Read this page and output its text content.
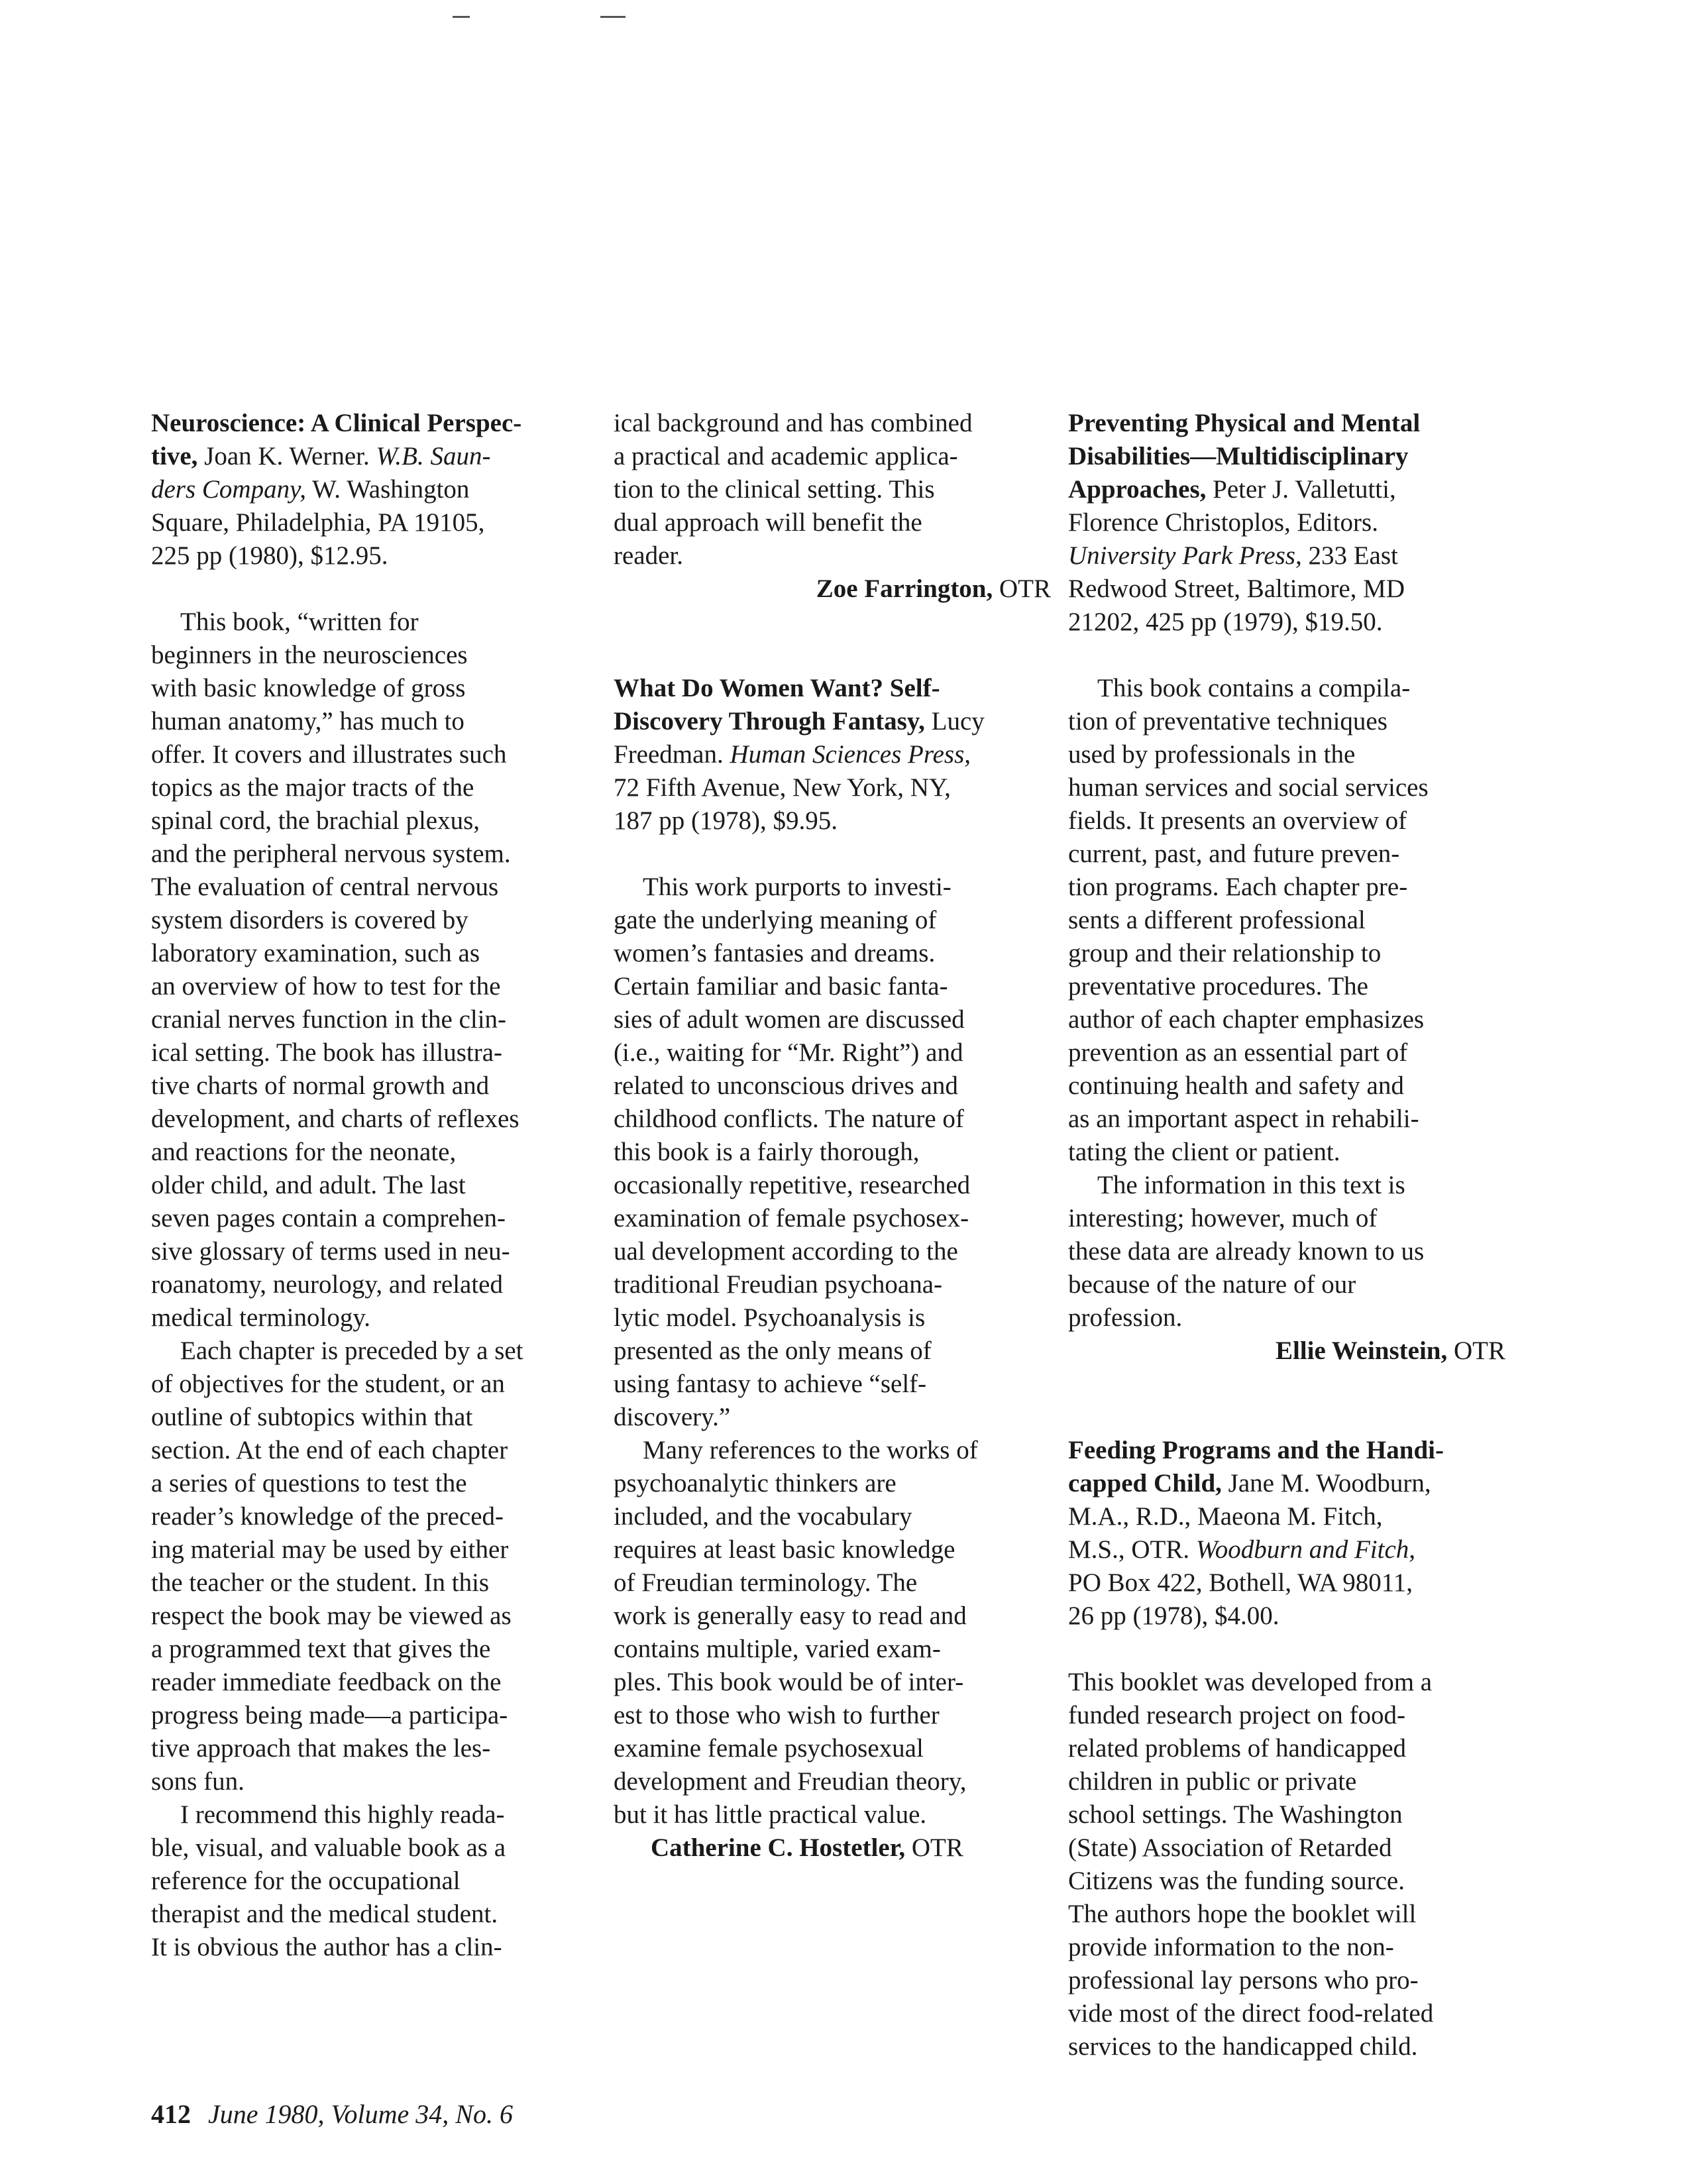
Neuroscience: A Clinical Perspec-
tive, Joan K. Werner. W.B. Saun-
ders Company, W. Washington
Square, Philadelphia, PA 19105,
225 pp (1980), $12.95.
This book, “written for
beginners in the neurosciences
with basic knowledge of gross
human anatomy,” has much to
offer. It covers and illustrates such
topics as the major tracts of the
spinal cord, the brachial plexus,
and the peripheral nervous system.
The evaluation of central nervous
system disorders is covered by
laboratory examination, such as
an overview of how to test for the
cranial nerves function in the clin-
ical setting. The book has illustra-
tive charts of normal growth and
development, and charts of reflexes
and reactions for the neonate,
older child, and adult. The last
seven pages contain a comprehen-
sive glossary of terms used in neu-
roanatomy, neurology, and related
medical terminology.
Each chapter is preceded by a set
of objectives for the student, or an
outline of subtopics within that
section. At the end of each chapter
a series of questions to test the
reader’s knowledge of the preced-
ing material may be used by either
the teacher or the student. In this
respect the book may be viewed as
a programmed text that gives the
reader immediate feedback on the
progress being made—a participa-
tive approach that makes the les-
sons fun.
I recommend this highly reada-
ble, visual, and valuable book as a
reference for the occupational
therapist and the medical student.
It is obvious the author has a clin-
ical background and has combined
a practical and academic applica-
tion to the clinical setting. This
dual approach will benefit the
reader.
Zoe Farrington, OTR
What Do Women Want? Self-
Discovery Through Fantasy, Lucy
Freedman. Human Sciences Press,
72 Fifth Avenue, New York, NY,
187 pp (1978), $9.95.
This work purports to investi-
gate the underlying meaning of
women’s fantasies and dreams.
Certain familiar and basic fanta-
sies of adult women are discussed
(i.e., waiting for “Mr. Right”) and
related to unconscious drives and
childhood conflicts. The nature of
this book is a fairly thorough,
occasionally repetitive, researched
examination of female psychosex-
ual development according to the
traditional Freudian psychoana-
lytic model. Psychoanalysis is
presented as the only means of
using fantasy to achieve “self-
discovery.”
Many references to the works of
psychoanalytic thinkers are
included, and the vocabulary
requires at least basic knowledge
of Freudian terminology. The
work is generally easy to read and
contains multiple, varied exam-
ples. This book would be of inter-
est to those who wish to further
examine female psychosexual
development and Freudian theory,
but it has little practical value.
Catherine C. Hostetler, OTR
Preventing Physical and Mental
Disabilities—Multidisciplinary
Approaches, Peter J. Valletutti,
Florence Christoplos, Editors.
University Park Press, 233 East
Redwood Street, Baltimore, MD
21202, 425 pp (1979), $19.50.
This book contains a compila-
tion of preventative techniques
used by professionals in the
human services and social services
fields. It presents an overview of
current, past, and future preven-
tion programs. Each chapter pre-
sents a different professional
group and their relationship to
preventative procedures. The
author of each chapter emphasizes
prevention as an essential part of
continuing health and safety and
as an important aspect in rehabili-
tating the client or patient.
The information in this text is
interesting; however, much of
these data are already known to us
because of the nature of our
profession.
Ellie Weinstein, OTR
Feeding Programs and the Handi-
capped Child, Jane M. Woodburn,
M.A., R.D., Maeona M. Fitch,
M.S., OTR. Woodburn and Fitch,
PO Box 422, Bothell, WA 98011,
26 pp (1978), $4.00.
This booklet was developed from a
funded research project on food-
related problems of handicapped
children in public or private
school settings. The Washington
(State) Association of Retarded
Citizens was the funding source.
The authors hope the booklet will
provide information to the non-
professional lay persons who pro-
vide most of the direct food-related
services to the handicapped child.
412 June 1980, Volume 34, No. 6
